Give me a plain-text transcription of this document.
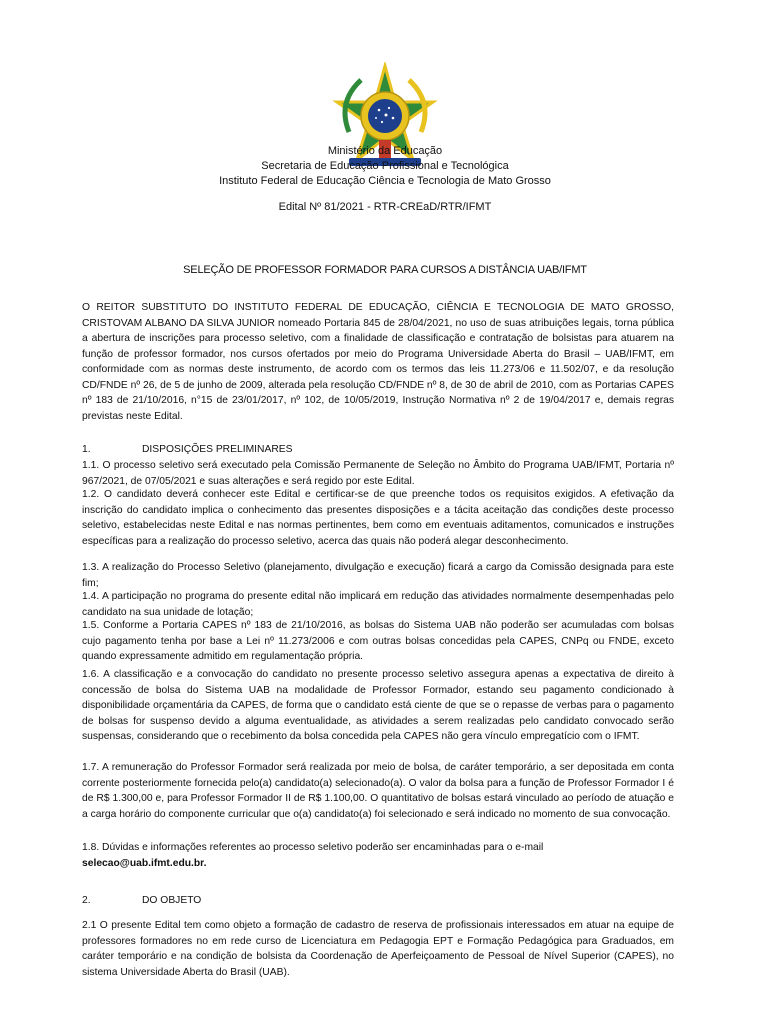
Ministério da Educação
Secretaria de Educação Profissional e Tecnológica
Instituto Federal de Educação Ciência e Tecnologia de Mato Grosso
Edital Nº 81/2021 - RTR-CREaD/RTR/IFMT
SELEÇÃO DE PROFESSOR FORMADOR PARA CURSOS A DISTÂNCIA UAB/IFMT

O REITOR SUBSTITUTO DO INSTITUTO FEDERAL DE EDUCAÇÃO, CIÊNCIA E TECNOLOGIA DE MATO GROSSO, CRISTOVAM ALBANO DA SILVA JUNIOR nomeado Portaria 845 de 28/04/2021, no uso de suas atribuições legais, torna pública a abertura de inscrições para processo seletivo, com a finalidade de classificação e contratação de bolsistas para atuarem na função de professor formador, nos cursos ofertados por meio do Programa Universidade Aberta do Brasil – UAB/IFMT, em conformidade com as normas deste instrumento, de acordo com os termos das leis 11.273/06 e 11.502/07, e da resolução CD/FNDE nº 26, de 5 de junho de 2009, alterada pela resolução CD/FNDE nº 8, de 30 de abril de 2010, com as Portarias CAPES nº 183 de 21/10/2016, n°15 de 23/01/2017, nº 102, de 10/05/2019, Instrução Normativa nº 2 de 19/04/2017 e, demais regras previstas neste Edital.

1.	DISPOSIÇÕES PRELIMINARES

1.1. O processo seletivo será executado pela Comissão Permanente de Seleção no Âmbito do Programa UAB/IFMT, Portaria nº 967/2021, de 07/05/2021 e suas alterações e será regido por este Edital.

1.2. O candidato deverá conhecer este Edital e certificar-se de que preenche todos os requisitos exigidos. A efetivação da inscrição do candidato implica o conhecimento das presentes disposições e a tácita aceitação das condições deste processo seletivo, estabelecidas neste Edital e nas normas pertinentes, bem como em eventuais aditamentos, comunicados e instruções específicas para a realização do processo seletivo, acerca das quais não poderá alegar desconhecimento.

1.3. A realização do Processo Seletivo (planejamento, divulgação e execução) ficará a cargo da Comissão designada para este fim;

1.4. A participação no programa do presente edital não implicará em redução das atividades normalmente desempenhadas pelo candidato na sua unidade de lotação;

1.5. Conforme a Portaria CAPES nº 183 de 21/10/2016, as bolsas do Sistema UAB não poderão ser acumuladas com bolsas cujo pagamento tenha por base a Lei nº 11.273/2006 e com outras bolsas concedidas pela CAPES, CNPq ou FNDE, exceto quando expressamente admitido em regulamentação própria.

1.6. A classificação e a convocação do candidato no presente processo seletivo assegura apenas a expectativa de direito à concessão de bolsa do Sistema UAB na modalidade de Professor Formador, estando seu pagamento condicionado à disponibilidade orçamentária da CAPES, de forma que o candidato está ciente de que se o repasse de verbas para o pagamento de bolsas for suspenso devido a alguma eventualidade, as atividades a serem realizadas pelo candidato convocado serão suspensas, considerando que o recebimento da bolsa concedida pela CAPES não gera vínculo empregatício com o IFMT.

1.7. A remuneração do Professor Formador será realizada por meio de bolsa, de caráter temporário, a ser depositada em conta corrente posteriormente fornecida pelo(a) candidato(a) selecionado(a). O valor da bolsa para a função de Professor Formador I é de R$ 1.300,00 e, para Professor Formador II de R$ 1.100,00. O quantitativo de bolsas estará vinculado ao período de atuação e a carga horário do componente curricular que o(a) candidato(a) foi selecionado e será indicado no momento de sua convocação.

1.8. Dúvidas e informações referentes ao processo seletivo poderão ser encaminhadas para o e-mail
selecao@uab.ifmt.edu.br.

2.	DO OBJETO

2.1 O presente Edital tem como objeto a formação de cadastro de reserva de profissionais interessados em atuar na equipe de professores formadores no em rede curso de Licenciatura em Pedagogia EPT e Formação Pedagógica para Graduados, em caráter temporário e na condição de bolsista da Coordenação de Aperfeiçoamento de Pessoal de Nível Superior (CAPES), no sistema Universidade Aberta do Brasil (UAB).
